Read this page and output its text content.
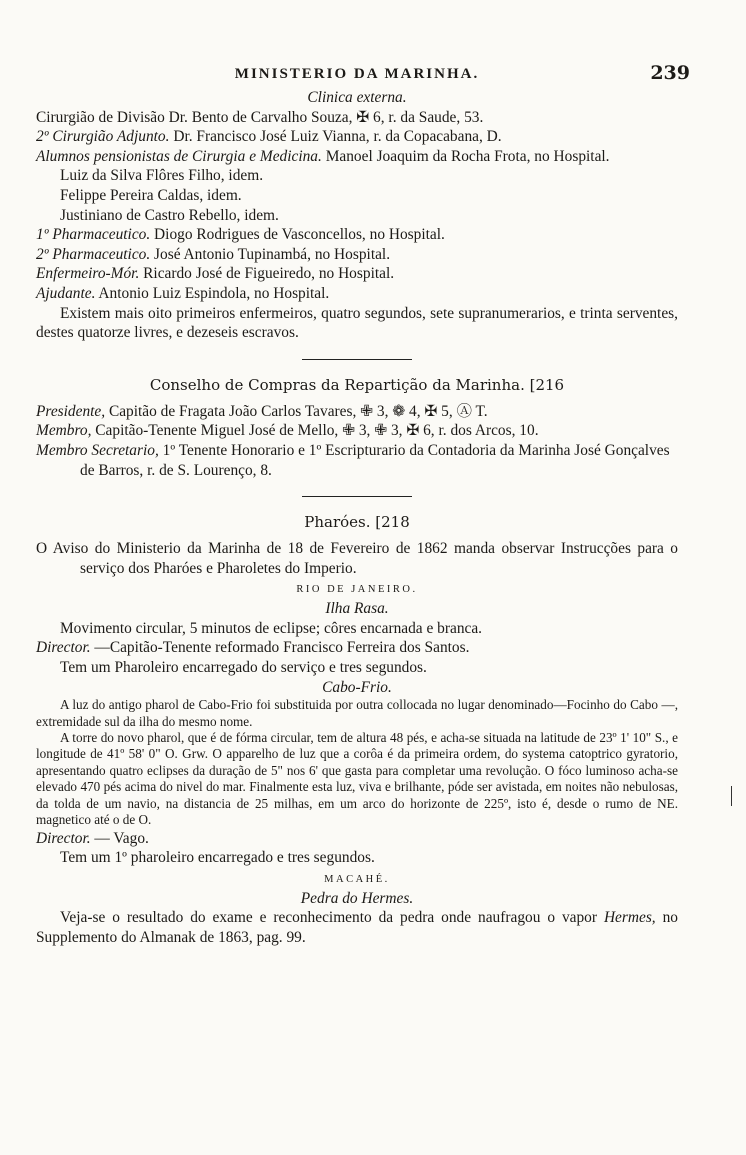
MINISTERIO DA MARINHA.	239

Clinica externa.

Cirurgião de Divisão Dr. Bento de Carvalho Souza, ✠ 6, r. da Saude, 53.

2º Cirurgião Adjunto. Dr. Francisco José Luiz Vianna, r. da Copacabana, D.

Alumnos pensionistas de Cirurgia e Medicina. Manoel Joaquim da Rocha Frota, no Hospital.

Luiz da Silva Flôres Filho, idem.

Felippe Pereira Caldas, idem.

Justiniano de Castro Rebello, idem.

1º Pharmaceutico. Diogo Rodrigues de Vasconcellos, no Hospital.

2º Pharmaceutico. José Antonio Tupinambá, no Hospital.

Enfermeiro-Mór. Ricardo José de Figueiredo, no Hospital.

Ajudante. Antonio Luiz Espindola, no Hospital.

Existem mais oito primeiros enfermeiros, quatro segundos, sete supranumerarios, e trinta serventes, destes quatorze livres, e dezeseis escravos.

Conselho de Compras da Repartição da Marinha. [216

Presidente, Capitão de Fragata João Carlos Tavares, ✙ 3, ❁ 4, ✠ 5, Ⓐ T.

Membro, Capitão-Tenente Miguel José de Mello, ✙ 3, ✙ 3, ✠ 6, r. dos Arcos, 10.

Membro Secretario, 1º Tenente Honorario e 1º Escripturario da Contadoria da Marinha José Gonçalves de Barros, r. de S. Lourenço, 8.

Pharóes. [218

O Aviso do Ministerio da Marinha de 18 de Fevereiro de 1862 manda observar Instrucções para o serviço dos Pharóes e Pharoletes do Imperio.

RIO DE JANEIRO.

Ilha Rasa.

Movimento circular, 5 minutos de eclipse; côres encarnada e branca.

Director. —Capitão-Tenente reformado Francisco Ferreira dos Santos.

Tem um Pharoleiro encarregado do serviço e tres segundos.

Cabo-Frio.

A luz do antigo pharol de Cabo-Frio foi substituida por outra collocada no lugar denominado—Focinho do Cabo —, extremidade sul da ilha do mesmo nome.

A torre do novo pharol, que é de fórma circular, tem de altura 48 pés, e acha-se situada na latitude de 23º 1' 10" S., e longitude de 41º 58' 0" O. Grw. O apparelho de luz que a corôa é da primeira ordem, do systema catoptrico gyratorio, apresentando quatro eclipses da duração de 5" nos 6' que gasta para completar uma revolução. O fóco luminoso acha-se elevado 470 pés acima do nivel do mar. Finalmente esta luz, viva e brilhante, póde ser avistada, em noites não nebulosas, da tolda de um navio, na distancia de 25 milhas, em um arco do horizonte de 225º, isto é, desde o rumo de NE. magnetico até o de O.

Director. — Vago.

Tem um 1º pharoleiro encarregado e tres segundos.

MACAHÉ.

Pedra do Hermes.

Veja-se o resultado do exame e reconhecimento da pedra onde naufragou o vapor Hermes, no Supplemento do Almanak de 1863, pag. 99.
